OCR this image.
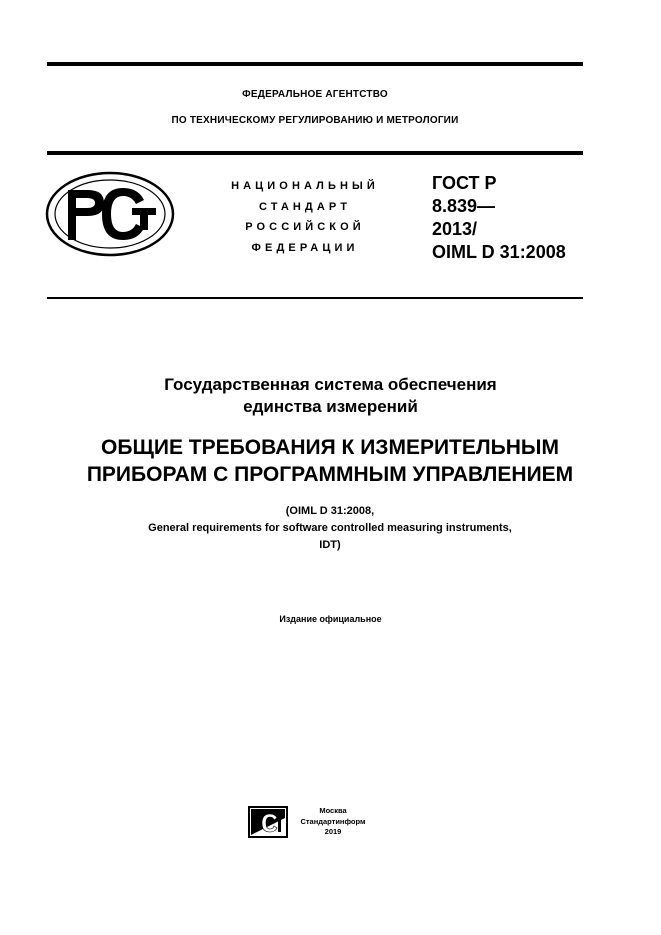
ФЕДЕРАЛЬНОЕ АГЕНТСТВО
ПО ТЕХНИЧЕСКОМУ РЕГУЛИРОВАНИЮ И МЕТРОЛОГИИ
НАЦИОНАЛЬНЫЙ
СТАНДАРТ
РОССИЙСКОЙ
ФЕДЕРАЦИИ
ГОСТ Р
8.839—
2013/
OIML D 31:2008
Государственная система обеспечения
единства измерений
ОБЩИЕ ТРЕБОВАНИЯ К ИЗМЕРИТЕЛЬНЫМ
ПРИБОРАМ С ПРОГРАММНЫМ УПРАВЛЕНИЕМ
(OIML D 31:2008,
General requirements for software controlled measuring instruments,
IDT)
Издание официальное
Москва
Стандартинформ
2019
